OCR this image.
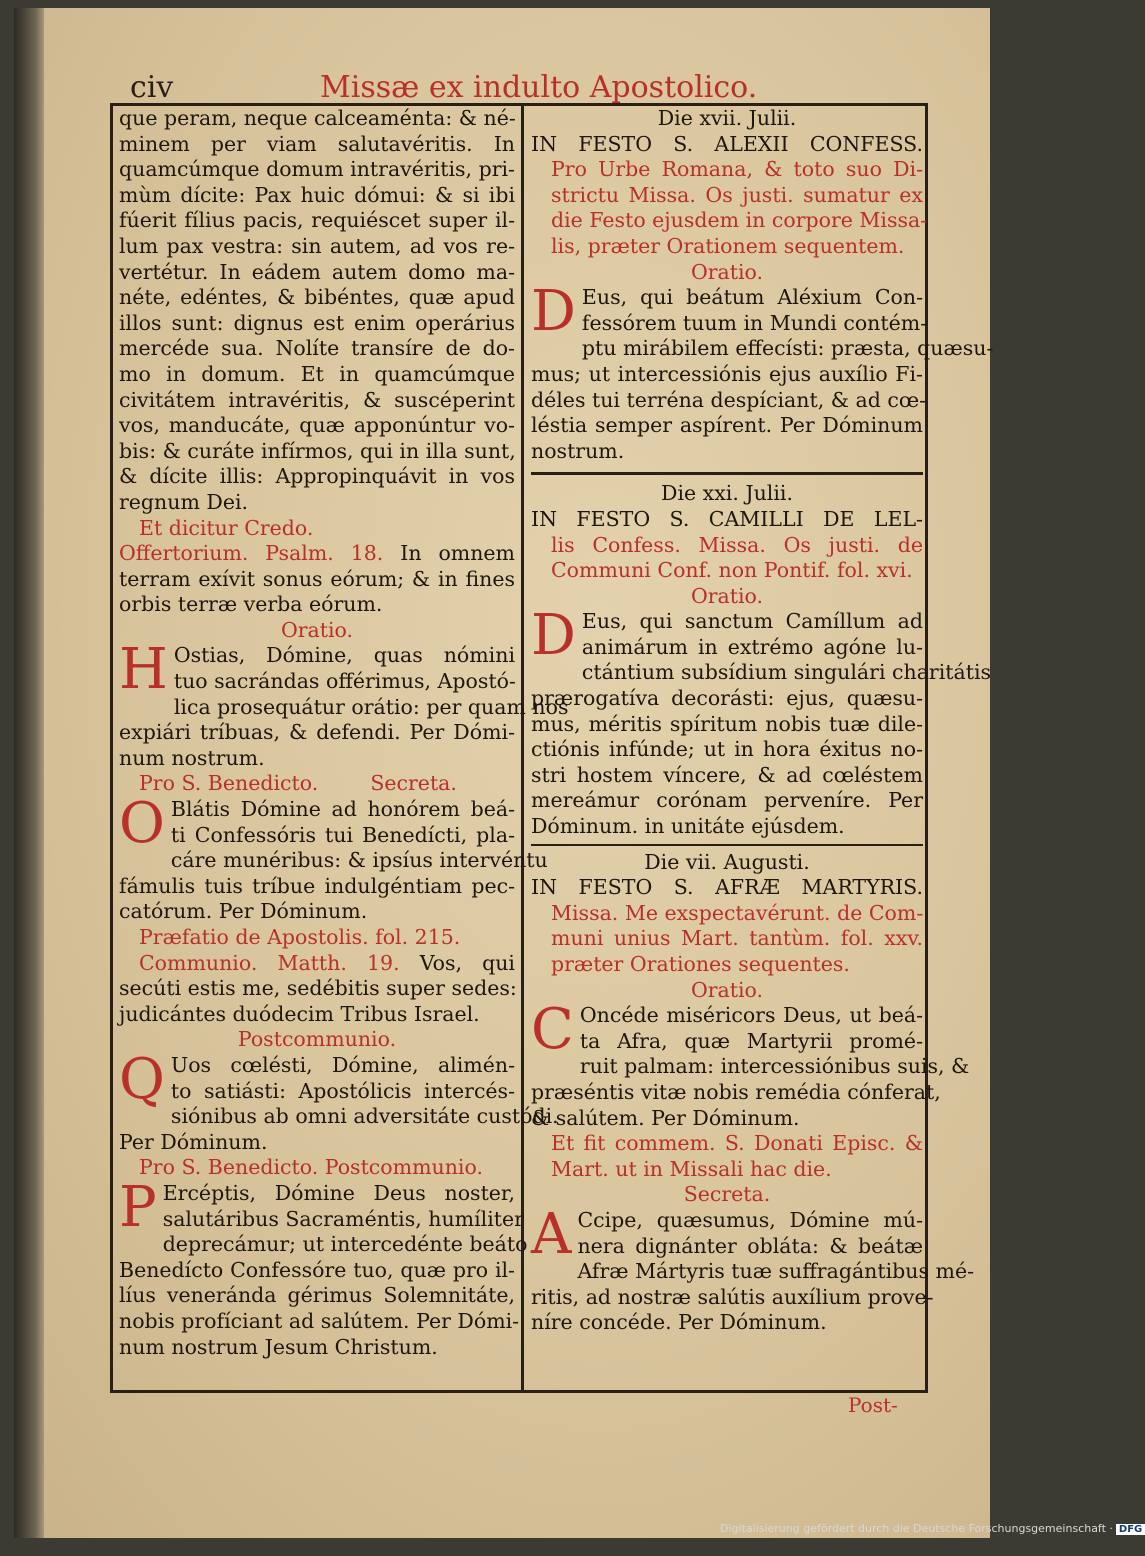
civ	Missæ ex indulto Apostolico.
que peram, neque calceaménta: & né-
minem per viam salutavéritis. In
quamcúmque domum intravéritis, pri-
mùm dícite: Pax huic dómui: & si ibi
fúerit fílius pacis, requiéscet super il-
lum pax vestra: sin autem, ad vos re-
vertétur. In eádem autem domo ma-
néte, edéntes, & bibéntes, quæ apud
illos sunt: dignus est enim operárius
mercéde sua. Nolíte transíre de do-
mo in domum. Et in quamcúmque
civitátem intravéritis, & suscéperint
vos, manducáte, quæ apponúntur vo-
bis: & curáte infírmos, qui in illa sunt,
& dícite illis: Appropinquávit in vos
regnum Dei.
Et dicitur Credo.
Offertorium. Psalm. 18. In omnem
terram exívit sonus eórum; & in fines
orbis terræ verba eórum.
Oratio.
H Ostias, Dómine, quas nómini
tuo sacrándas offérimus, Apostó-
lica prosequátur orátio: per quam nos
expiári tríbuas, & defendi. Per Dómi-
num nostrum.
Pro S. Benedicto.        Secreta.
O Blátis Dómine ad honórem beá-
ti Confessóris tui Benedícti, pla-
cáre munéribus: & ipsíus intervéntu
fámulis tuis tríbue indulgéntiam pec-
catórum. Per Dóminum.
Præfatio de Apostolis. fol. 215.
Communio. Matth. 19. Vos, qui
secúti estis me, sedébitis super sedes:
judicántes duódecim Tribus Israel.
Postcommunio.
Q Uos cœlésti, Dómine, alimén-
to satiásti: Apostólicis intercés-
siónibus ab omni adversitáte custódi.
Per Dóminum.
Pro S. Benedicto. Postcommunio.
P Ercéptis, Dómine Deus noster,
salutáribus Sacraméntis, humíliter
deprecámur; ut intercedénte beáto
Benedícto Confessóre tuo, quæ pro il-
líus veneránda gérimus Solemnitáte,
nobis profíciant ad salútem. Per Dómi-
num nostrum Jesum Christum.
Die xvii. Julii.
IN FESTO S. ALEXII CONFESS.
Pro Urbe Romana, & toto suo Di-
strictu Missa. Os justi. sumatur ex
die Festo ejusdem in corpore Missa-
lis, præter Orationem sequentem.
Oratio.
D Eus, qui beátum Aléxium Con-
fessórem tuum in Mundi contém-
ptu mirábilem effecísti: præsta, quæsu-
mus; ut intercessiónis ejus auxílio Fi-
déles tui terréna despíciant, & ad cœ-
léstia semper aspírent. Per Dóminum
nostrum.
Die xxi. Julii.
IN FESTO S. CAMILLI DE LEL-
lis Confess. Missa. Os justi. de
Communi Conf. non Pontif. fol. xvi.
Oratio.
D Eus, qui sanctum Camíllum ad
animárum in extrémo agóne lu-
ctántium subsídium singulári charitátis
prærogatíva decorásti: ejus, quæsu-
mus, méritis spíritum nobis tuæ dile-
ctiónis infúnde; ut in hora éxitus no-
stri hostem víncere, & ad cœléstem
mereámur corónam perveníre. Per
Dóminum. in unitáte ejúsdem.
Die vii. Augusti.
IN FESTO S. AFRÆ MARTYRIS.
Missa. Me exspectavérunt. de Com-
muni unius Mart. tantùm. fol. xxv.
præter Orationes sequentes.
Oratio.
C Oncéde miséricors Deus, ut beá-
ta Afra, quæ Martyrii promé-
ruit palmam: intercessiónibus suis, &
præséntis vitæ nobis remédia cónferat,
& salútem. Per Dóminum.
Et fit commem. S. Donati Episc. &
Mart. ut in Missali hac die.
Secreta.
A Ccipe, quæsumus, Dómine mú-
nera dignánter obláta: & beátæ
Afræ Mártyris tuæ suffragántibus mé-
ritis, ad nostræ salútis auxílium prove-
níre concéde. Per Dóminum.
Post-
Digitalisierung gefördert durch die Deutsche Forschungsgemeinschaft · DFG
